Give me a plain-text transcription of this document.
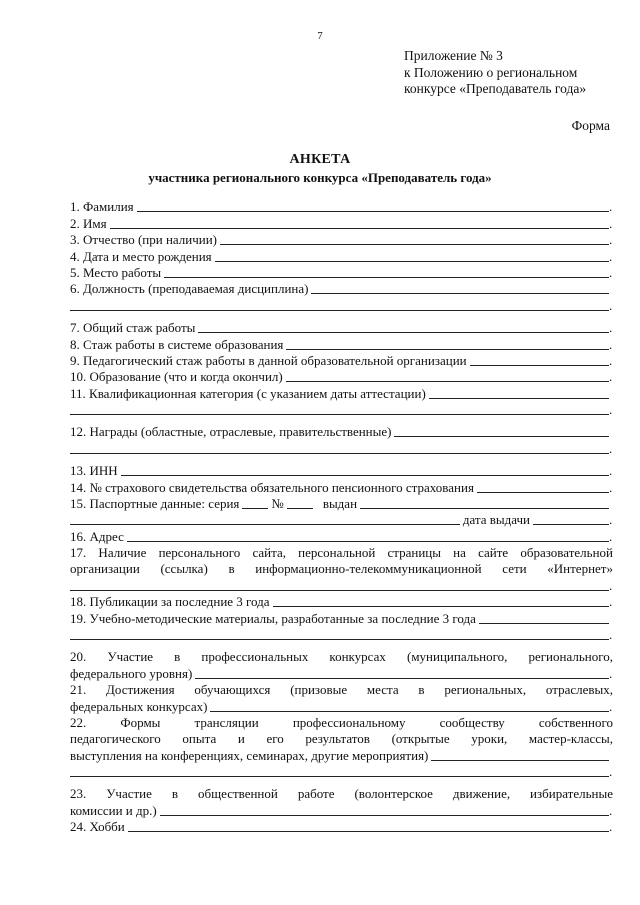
7
Приложение № 3
к Положению о региональном
конкурсе «Преподаватель года»
Форма
АНКЕТА
участника регионального конкурса «Преподаватель года»
1. Фамилия	.
2. Имя	.
3. Отчество (при наличии)	.
4. Дата и место рождения	.
5. Место работы	.
6. Должность (преподаваемая дисциплина)
.
7. Общий стаж работы	.
8. Стаж работы в системе образования	.
9. Педагогический стаж работы в данной образовательной организации	.
10. Образование (что и когда окончил)	.
11. Квалификационная категория (с указанием даты аттестации)
.
12. Награды (областные, отраслевые, правительственные)
.
13. ИНН	.
14. № страхового свидетельства обязательного пенсионного страхования	.
15. Паспортные данные: серия №	выдан
дата выдачи	.
16. Адрес	.
17. Наличие персонального сайта, персональной страницы на сайте образовательной
организации (ссылка) в информационно-телекоммуникационной сети «Интернет»
.
18. Публикации за последние 3 года	.
19. Учебно-методические материалы, разработанные за последние 3 года
.
20. Участие в профессиональных конкурсах (муниципального, регионального,
федерального уровня)	.
21. Достижения обучающихся (призовые места в региональных, отраслевых,
федеральных конкурсах)	.
22. Формы трансляции профессиональному сообществу собственного
педагогического опыта и его результатов (открытые уроки, мастер-классы,
выступления на конференциях, семинарах, другие мероприятия)
.
23. Участие в общественной работе (волонтерское движение, избирательные
комиссии и др.)	.
24. Хобби	.
